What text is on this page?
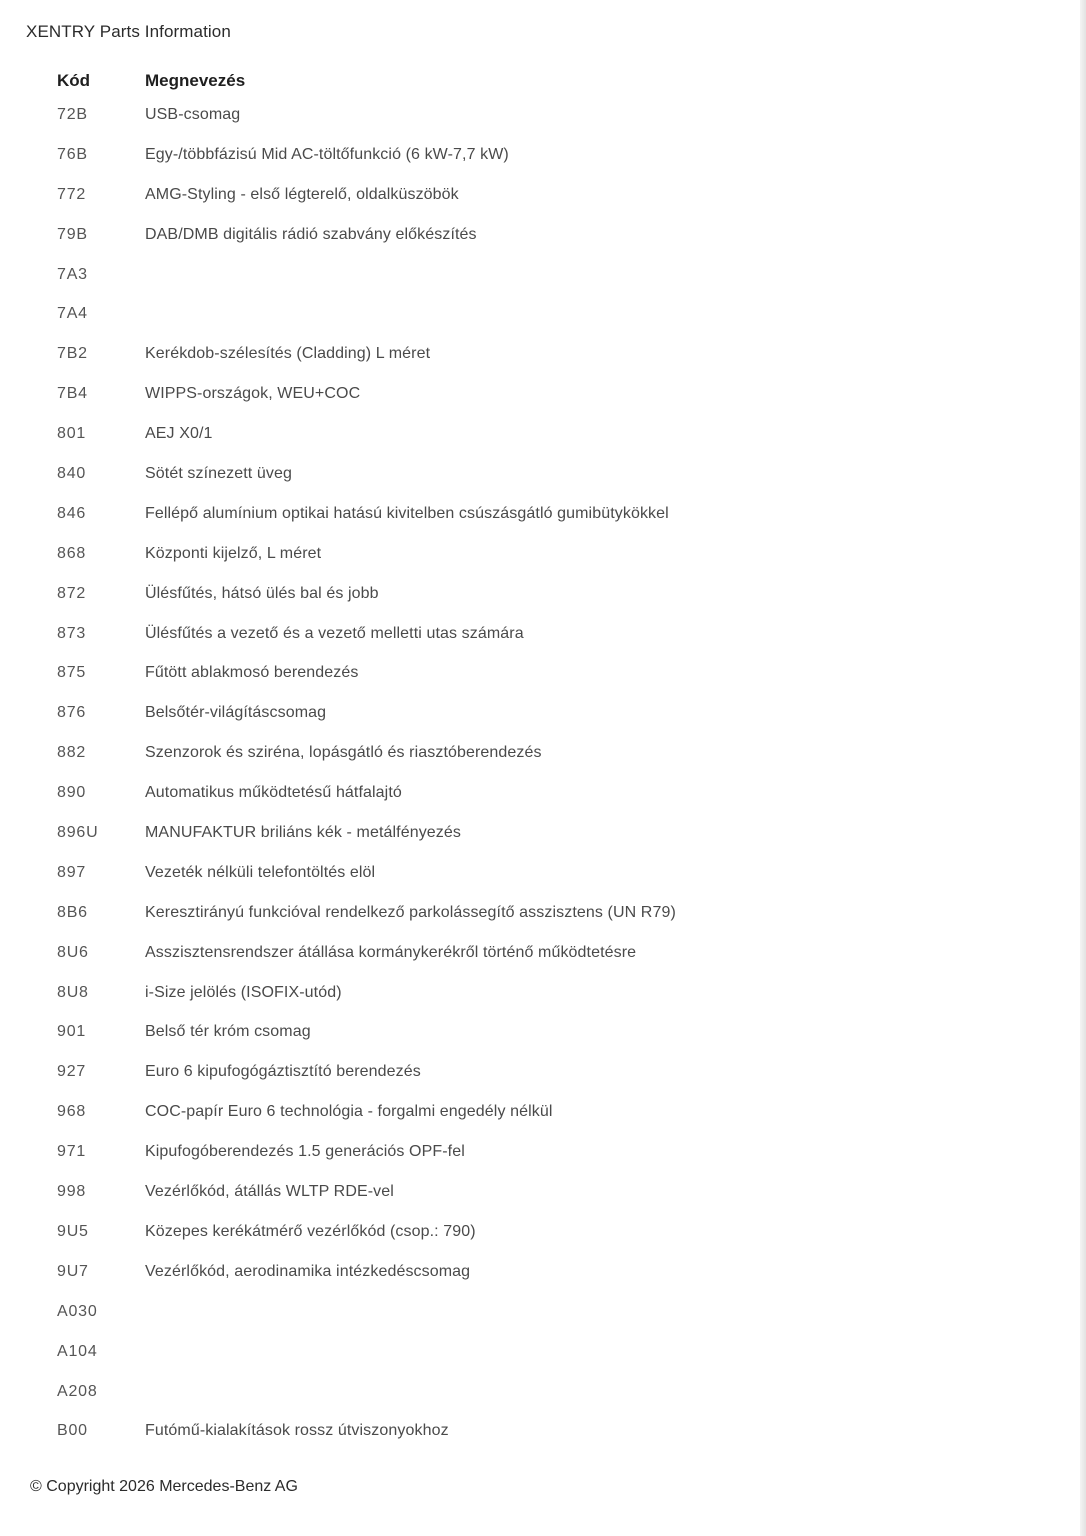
XENTRY Parts Information
Kód	Megnevezés
72B	USB-csomag
76B	Egy-/többfázisú Mid AC-töltőfunkció (6 kW-7,7 kW)
772	AMG-Styling - első légterelő, oldalküszöbök
79B	DAB/DMB digitális rádió szabvány előkészítés
7A3
7A4
7B2	Kerékdob-szélesítés (Cladding) L méret
7B4	WIPPS-országok, WEU+COC
801	AEJ X0/1
840	Sötét színezett üveg
846	Fellépő alumínium optikai hatású kivitelben csúszásgátló gumibütykökkel
868	Központi kijelző, L méret
872	Ülésfűtés, hátsó ülés bal és jobb
873	Ülésfűtés a vezető és a vezető melletti utas számára
875	Fűtött ablakmosó berendezés
876	Belsőtér-világításcsomag
882	Szenzorok és sziréna, lopásgátló és riasztóberendezés
890	Automatikus működtetésű hátfalajtó
896U	MANUFAKTUR briliáns kék - metálfényezés
897	Vezeték nélküli telefontöltés elöl
8B6	Keresztirányú funkcióval rendelkező parkolássegítő asszisztens (UN R79)
8U6	Asszisztensrendszer átállása kormánykerékről történő működtetésre
8U8	i-Size jelölés (ISOFIX-utód)
901	Belső tér króm csomag
927	Euro 6 kipufogógáztisztító berendezés
968	COC-papír Euro 6 technológia - forgalmi engedély nélkül
971	Kipufogóberendezés 1.5 generációs OPF-fel
998	Vezérlőkód, átállás WLTP RDE-vel
9U5	Közepes kerékátmérő vezérlőkód (csop.: 790)
9U7	Vezérlőkód, aerodinamika intézkedéscsomag
A030
A104
A208
B00	Futómű-kialakítások rossz útviszonyokhoz
© Copyright 2026 Mercedes-Benz AG
